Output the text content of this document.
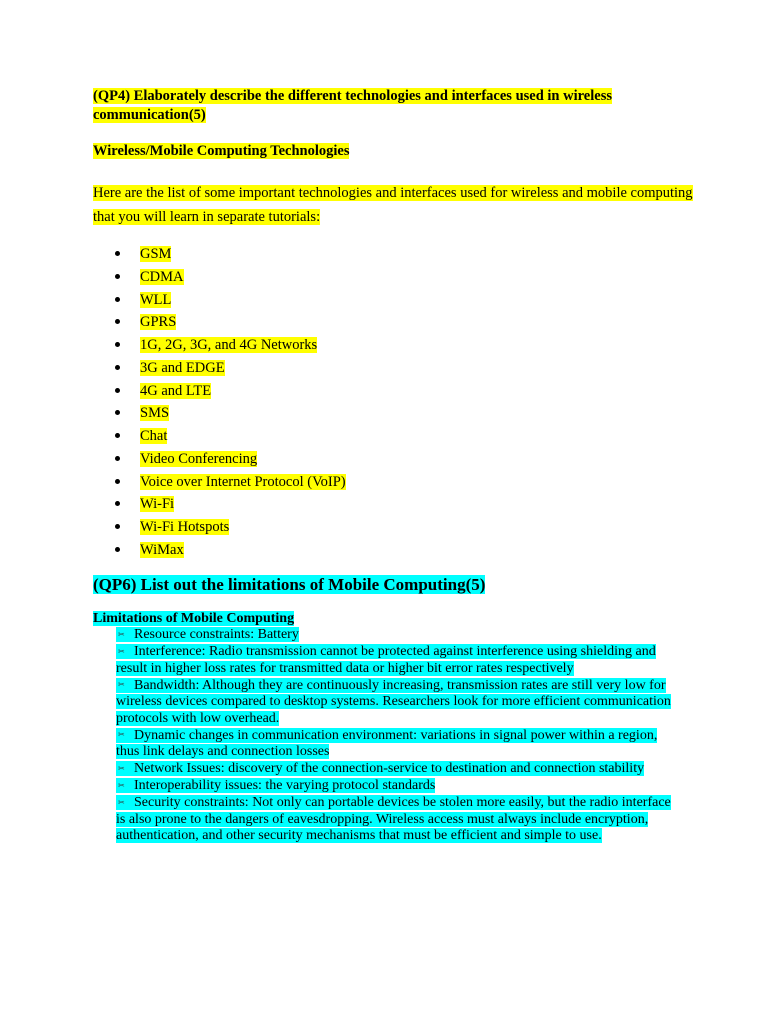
(QP4) Elaborately describe the different technologies and interfaces used in wireless communication(5)
Wireless/Mobile Computing Technologies
Here are the list of some important technologies and interfaces used for wireless and mobile computing that you will learn in separate tutorials:
GSM
CDMA
WLL
GPRS
1G, 2G, 3G, and 4G Networks
3G and EDGE
4G and LTE
SMS
Chat
Video Conferencing
Voice over Internet Protocol (VoIP)
Wi-Fi
Wi-Fi Hotspots
WiMax
(QP6) List out the limitations of Mobile Computing(5)
Limitations of Mobile Computing
✂ Resource constraints: Battery
✂ Interference: Radio transmission cannot be protected against interference using shielding and result in higher loss rates for transmitted data or higher bit error rates respectively
✂ Bandwidth: Although they are continuously increasing, transmission rates are still very low for wireless devices compared to desktop systems. Researchers look for more efficient communication protocols with low overhead.
✂ Dynamic changes in communication environment: variations in signal power within a region, thus link delays and connection losses
✂ Network Issues: discovery of the connection-service to destination and connection stability
✂ Interoperability issues: the varying protocol standards
✂ Security constraints: Not only can portable devices be stolen more easily, but the radio interface is also prone to the dangers of eavesdropping. Wireless access must always include encryption, authentication, and other security mechanisms that must be efficient and simple to use.
